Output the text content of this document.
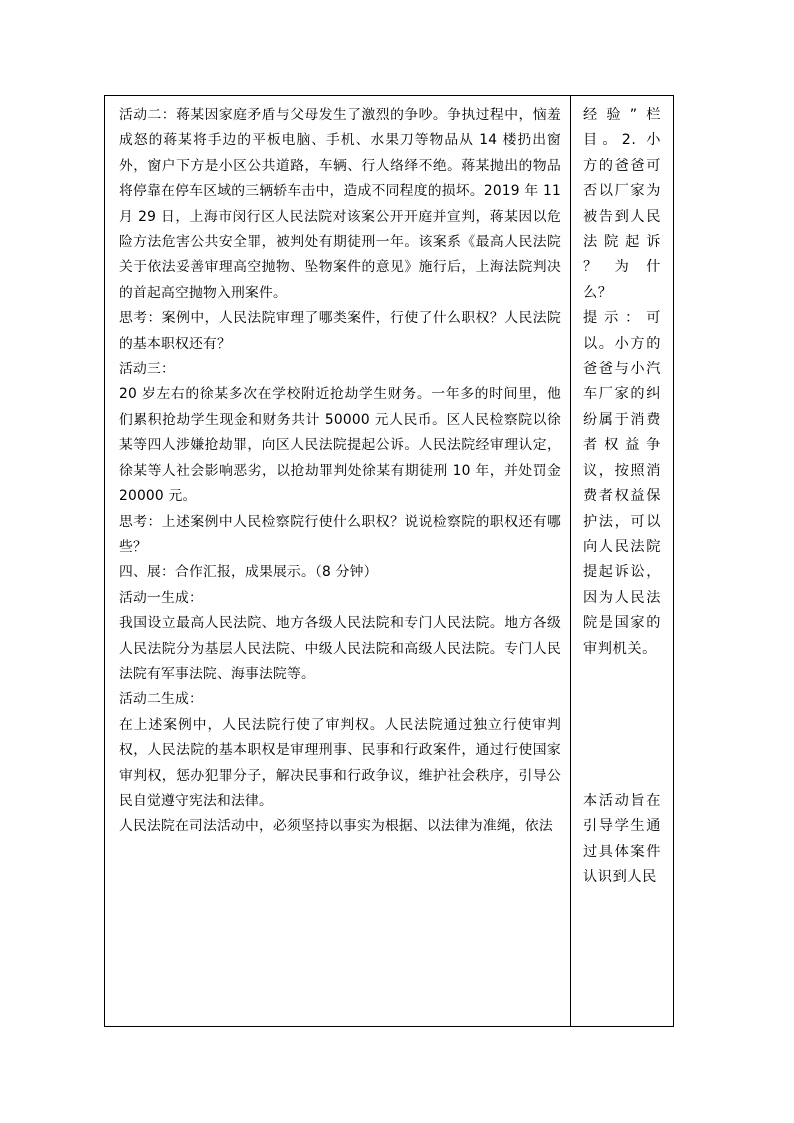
活动二：蒋某因家庭矛盾与父母发生了激烈的争吵。争执过程中，恼羞成怒的蒋某将手边的平板电脑、手机、水果刀等物品从 14 楼扔出窗外，窗户下方是小区公共道路，车辆、行人络绎不绝。蒋某抛出的物品将停靠在停车区域的三辆轿车击中，造成不同程度的损坏。2019 年 11 月 29 日，上海市闵行区人民法院对该案公开开庭并宣判，蒋某因以危险方法危害公共安全罪，被判处有期徒刑一年。该案系《最高人民法院关于依法妥善审理高空抛物、坠物案件的意见》施行后，上海法院判决的首起高空抛物入刑案件。

思考：案例中，人民法院审理了哪类案件，行使了什么职权？人民法院的基本职权还有？

活动三：

20 岁左右的徐某多次在学校附近抢劫学生财务。一年多的时间里，他们累积抢劫学生现金和财务共计 50000 元人民币。区人民检察院以徐某等四人涉嫌抢劫罪，向区人民法院提起公诉。人民法院经审理认定，徐某等人社会影响恶劣，以抢劫罪判处徐某有期徒刑 10 年，并处罚金 20000 元。

思考：上述案例中人民检察院行使什么职权？说说检察院的职权还有哪些？

四、展：合作汇报，成果展示。（8 分钟）

活动一生成：

我国设立最高人民法院、地方各级人民法院和专门人民法院。地方各级人民法院分为基层人民法院、中级人民法院和高级人民法院。专门人民法院有军事法院、海事法院等。

活动二生成：

在上述案例中，人民法院行使了审判权。人民法院通过独立行使审判权，人民法院的基本职权是审理刑事、民事和行政案件，通过行使国家审判权，惩办犯罪分子，解决民事和行政争议，维护社会秩序，引导公民自觉遵守宪法和法律。

人民法院在司法活动中，必须坚持以事实为根据、以法律为准绳，依法

经验”栏目。2. 小方的爸爸可否以厂家为被告到人民法院起诉 ？ 为 什么？

提示：可以。小方的爸爸与小汽车厂家的纠纷属于消费者权益争议，按照消费者权益保护法，可以向人民法院提起诉讼，因为人民法院是国家的审判机关。

本活动旨在引导学生通过具体案件认识到人民
